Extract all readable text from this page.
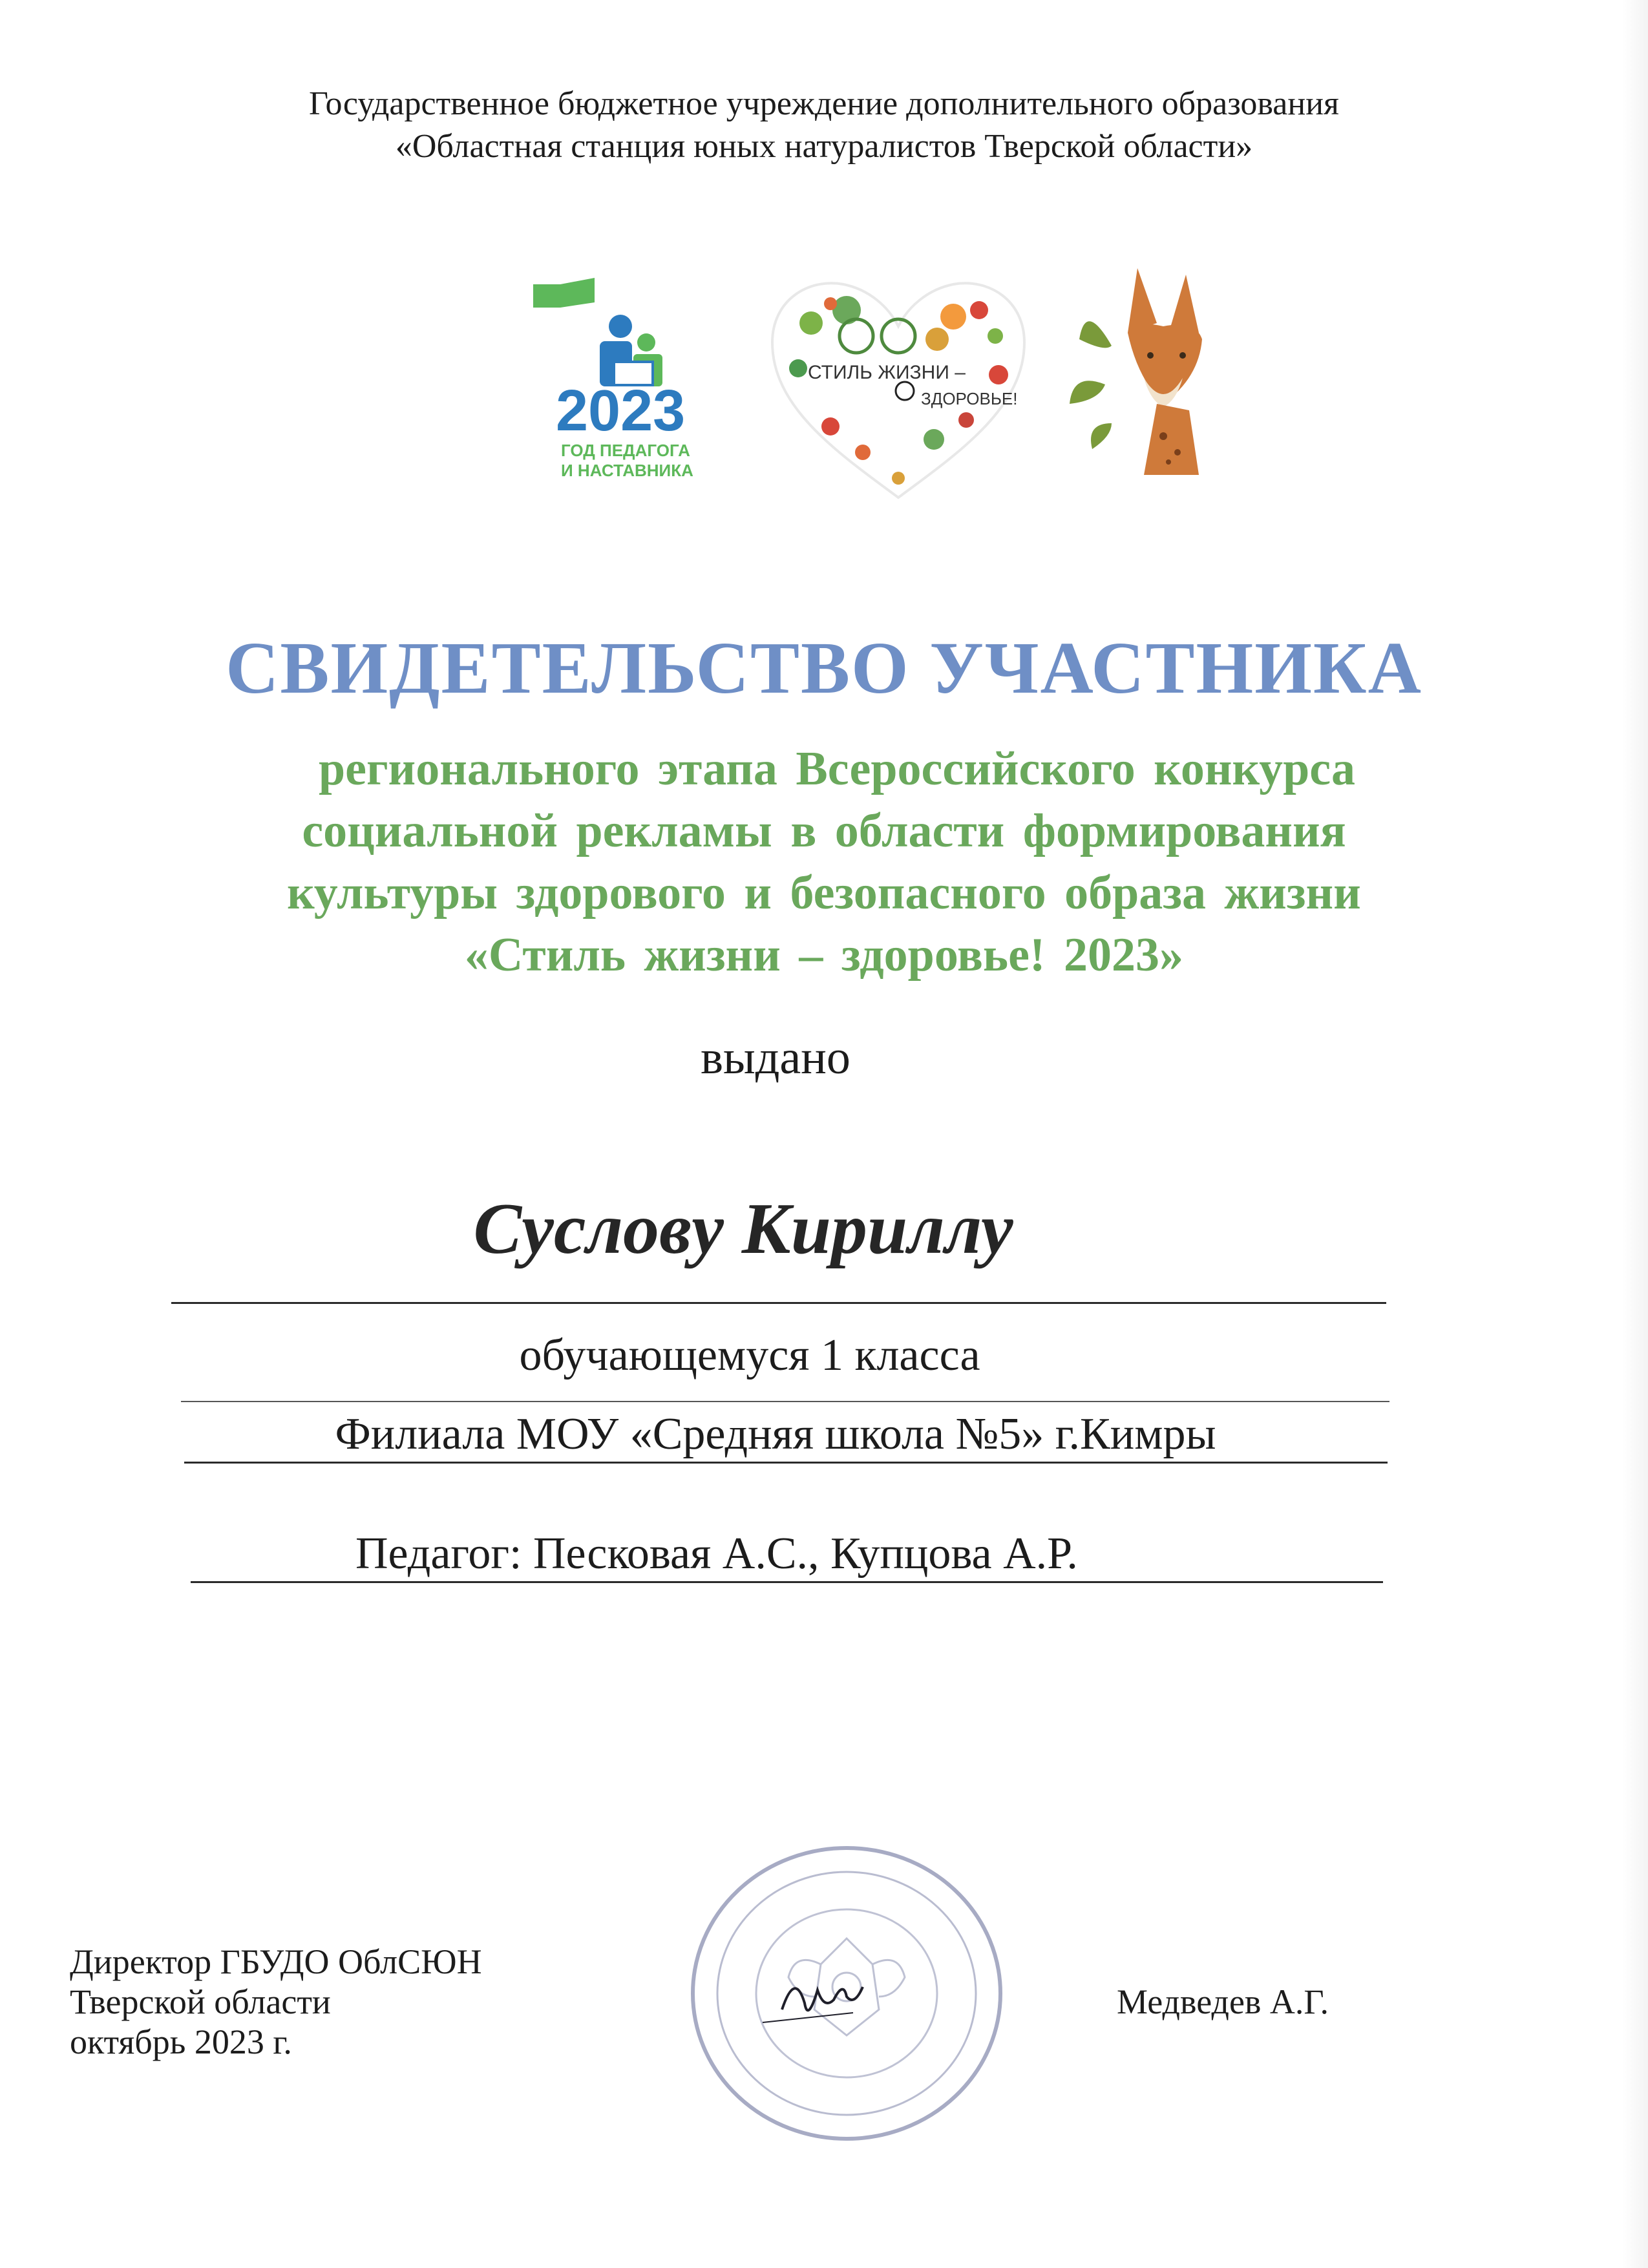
Государственное бюджетное учреждение дополнительного образования
«Областная станция юных натуралистов Тверской области»
2023
ГОД ПЕДАГОГА
И НАСТАВНИКА
СТИЛЬ ЖИЗНИ –
ЗДОРОВЬЕ!
СВИДЕТЕЛЬСТВО УЧАСТНИКА
регионального этапа Всероссийского конкурса
социальной рекламы в области формирования
культуры здорового и безопасного образа жизни
«Стиль жизни – здоровье! 2023»
выдано
Суслову Кириллу
обучающемуся 1 класса
Филиала МОУ «Средняя школа №5» г.Кимры
Педагог: Песковая А.С., Купцова А.Р.
Директор ГБУДО ОблСЮН
Тверской области
октябрь 2023 г.
Медведев А.Г.
